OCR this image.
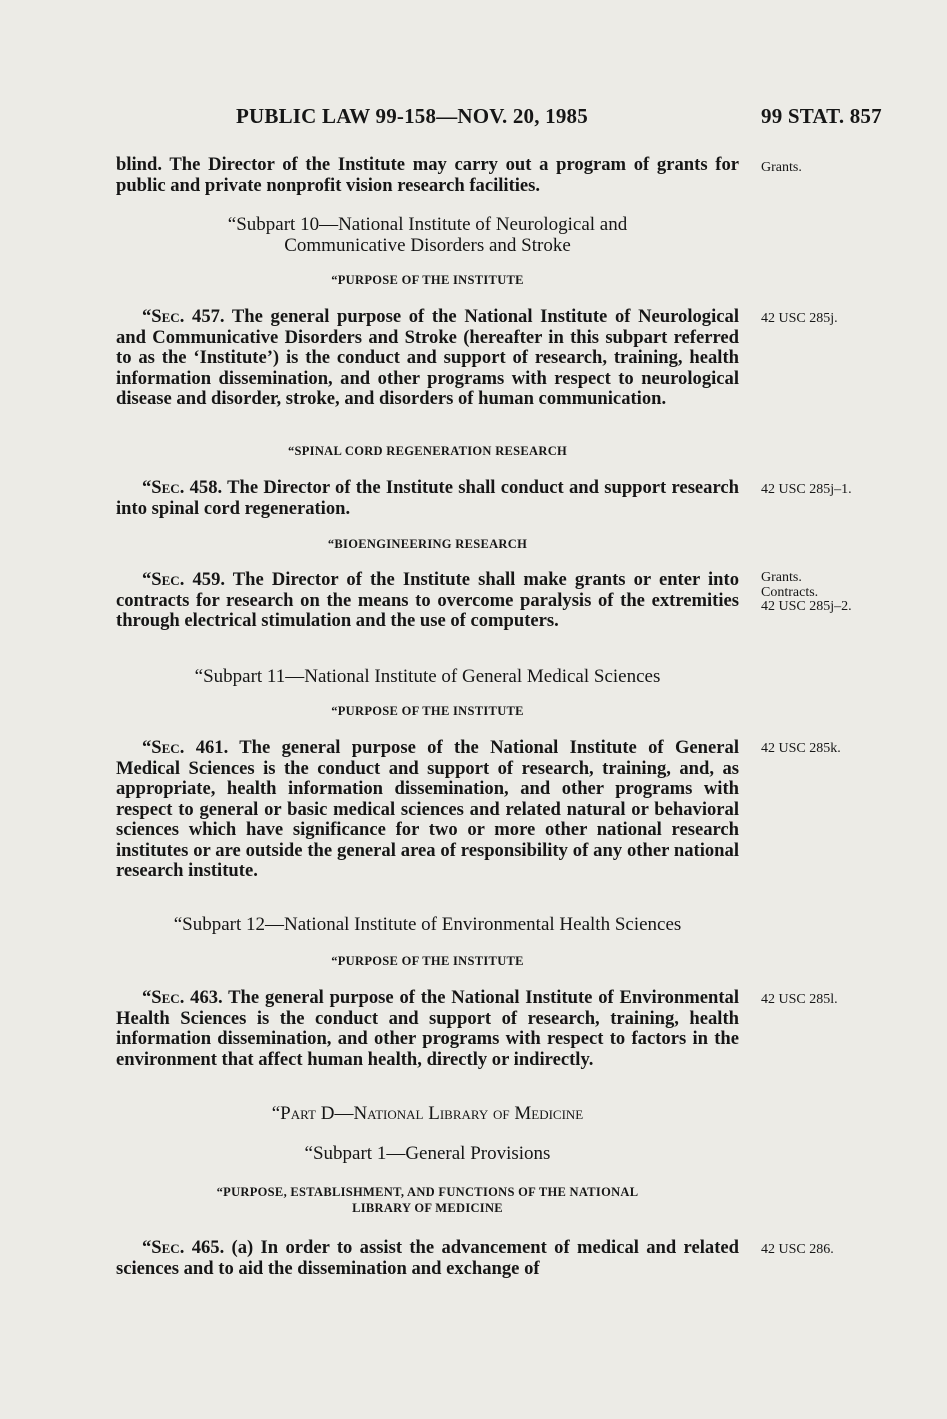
PUBLIC LAW 99-158—NOV. 20, 1985	99 STAT. 857

blind. The Director of the Institute may carry out a program of grants for public and private nonprofit vision research facilities.

“Subpart 10—National Institute of Neurological and
Communicative Disorders and Stroke
“PURPOSE OF THE INSTITUTE

“Sec. 457. The general purpose of the National Institute of Neurological and Communicative Disorders and Stroke (hereafter in this subpart referred to as the ‘Institute’) is the conduct and support of research, training, health information dissemination, and other programs with respect to neurological disease and disorder, stroke, and disorders of human communication.

“SPINAL CORD REGENERATION RESEARCH

“Sec. 458. The Director of the Institute shall conduct and support research into spinal cord regeneration.

“BIOENGINEERING RESEARCH

“Sec. 459. The Director of the Institute shall make grants or enter into contracts for research on the means to overcome paralysis of the extremities through electrical stimulation and the use of computers.

“Subpart 11—National Institute of General Medical Sciences
“PURPOSE OF THE INSTITUTE

“Sec. 461. The general purpose of the National Institute of General Medical Sciences is the conduct and support of research, training, and, as appropriate, health information dissemination, and other programs with respect to general or basic medical sciences and related natural or behavioral sciences which have significance for two or more other national research institutes or are outside the general area of responsibility of any other national research institute.

“Subpart 12—National Institute of Environmental Health Sciences
“PURPOSE OF THE INSTITUTE

“Sec. 463. The general purpose of the National Institute of Environmental Health Sciences is the conduct and support of research, training, health information dissemination, and other programs with respect to factors in the environment that affect human health, directly or indirectly.

“Part D—National Library of Medicine
“Subpart 1—General Provisions
“PURPOSE, ESTABLISHMENT, AND FUNCTIONS OF THE NATIONAL
LIBRARY OF MEDICINE

“Sec. 465. (a) In order to assist the advancement of medical and related sciences and to aid the dissemination and exchange of

Grants.
42 USC 285j.
42 USC 285j–1.
Grants.
Contracts.
42 USC 285j–2.
42 USC 285k.
42 USC 285l.
42 USC 286.
